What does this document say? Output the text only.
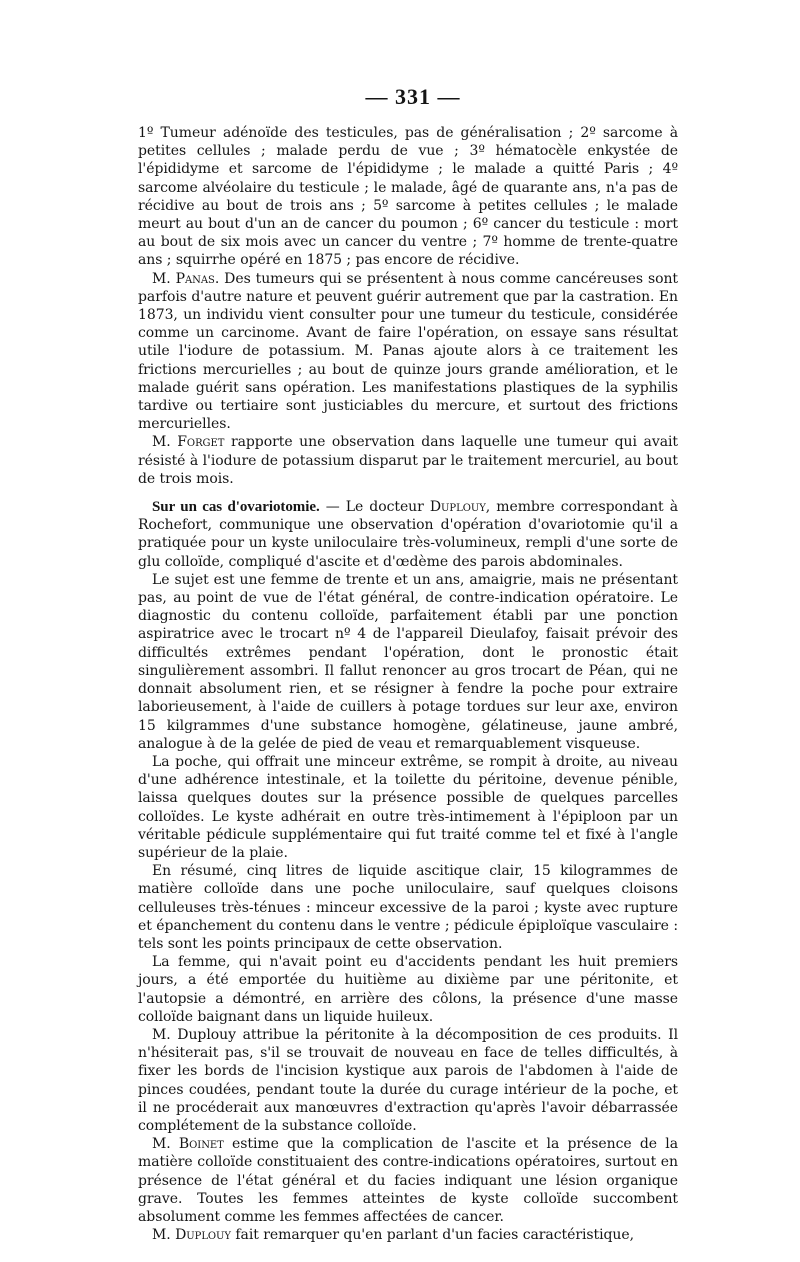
— 331 —

1º Tumeur adénoïde des testicules, pas de généralisation ; 2º sarcome à petites cellules ; malade perdu de vue ; 3º hématocèle enkystée de l'épididyme et sarcome de l'épididyme ; le malade a quitté Paris ; 4º sarcome alvéolaire du testicule ; le malade, âgé de quarante ans, n'a pas de récidive au bout de trois ans ; 5º sarcome à petites cellules ; le malade meurt au bout d'un an de cancer du poumon ; 6º cancer du testicule : mort au bout de six mois avec un cancer du ventre ; 7º homme de trente-quatre ans ; squirrhe opéré en 1875 ; pas encore de récidive.

M. Panas. Des tumeurs qui se présentent à nous comme cancéreuses sont parfois d'autre nature et peuvent guérir autrement que par la castration. En 1873, un individu vient consulter pour une tumeur du testicule, considérée comme un carcinome. Avant de faire l'opération, on essaye sans résultat utile l'iodure de potassium. M. Panas ajoute alors à ce traitement les frictions mercurielles ; au bout de quinze jours grande amélioration, et le malade guérit sans opération. Les manifestations plastiques de la syphilis tardive ou tertiaire sont justiciables du mercure, et surtout des frictions mercurielles.

M. Forget rapporte une observation dans laquelle une tumeur qui avait résisté à l'iodure de potassium disparut par le traitement mercuriel, au bout de trois mois.

Sur un cas d'ovariotomie. — Le docteur Duplouy, membre correspondant à Rochefort, communique une observation d'opération d'ovariotomie qu'il a pratiquée pour un kyste uniloculaire très-volumineux, rempli d'une sorte de glu colloïde, compliqué d'ascite et d'œdème des parois abdominales.

Le sujet est une femme de trente et un ans, amaigrie, mais ne présentant pas, au point de vue de l'état général, de contre-indication opératoire. Le diagnostic du contenu colloïde, parfaitement établi par une ponction aspiratrice avec le trocart nº 4 de l'appareil Dieulafoy, faisait prévoir des difficultés extrêmes pendant l'opération, dont le pronostic était singulièrement assombri. Il fallut renoncer au gros trocart de Péan, qui ne donnait absolument rien, et se résigner à fendre la poche pour extraire laborieusement, à l'aide de cuillers à potage tordues sur leur axe, environ 15 kilgrammes d'une substance homogène, gélatineuse, jaune ambré, analogue à de la gelée de pied de veau et remarquablement visqueuse.

La poche, qui offrait une minceur extrême, se rompit à droite, au niveau d'une adhérence intestinale, et la toilette du péritoine, devenue pénible, laissa quelques doutes sur la présence possible de quelques parcelles colloïdes. Le kyste adhérait en outre très-intimement à l'épiploon par un véritable pédicule supplémentaire qui fut traité comme tel et fixé à l'angle supérieur de la plaie.

En résumé, cinq litres de liquide ascitique clair, 15 kilogrammes de matière colloïde dans une poche uniloculaire, sauf quelques cloisons celluleuses très-ténues : minceur excessive de la paroi ; kyste avec rupture et épanchement du contenu dans le ventre ; pédicule épiploïque vasculaire : tels sont les points principaux de cette observation.

La femme, qui n'avait point eu d'accidents pendant les huit premiers jours, a été emportée du huitième au dixième par une péritonite, et l'autopsie a démontré, en arrière des côlons, la présence d'une masse colloïde baignant dans un liquide huileux.

M. Duplouy attribue la péritonite à la décomposition de ces produits. Il n'hésiterait pas, s'il se trouvait de nouveau en face de telles difficultés, à fixer les bords de l'incision kystique aux parois de l'abdomen à l'aide de pinces coudées, pendant toute la durée du curage intérieur de la poche, et il ne procéderait aux manœuvres d'extraction qu'après l'avoir débarrassée complétement de la substance colloïde.

M. Boinet estime que la complication de l'ascite et la présence de la matière colloïde constituaient des contre-indications opératoires, surtout en présence de l'état général et du facies indiquant une lésion organique grave. Toutes les femmes atteintes de kyste colloïde succombent absolument comme les femmes affectées de cancer.

M. Duplouy fait remarquer qu'en parlant d'un facies caractéristique,
